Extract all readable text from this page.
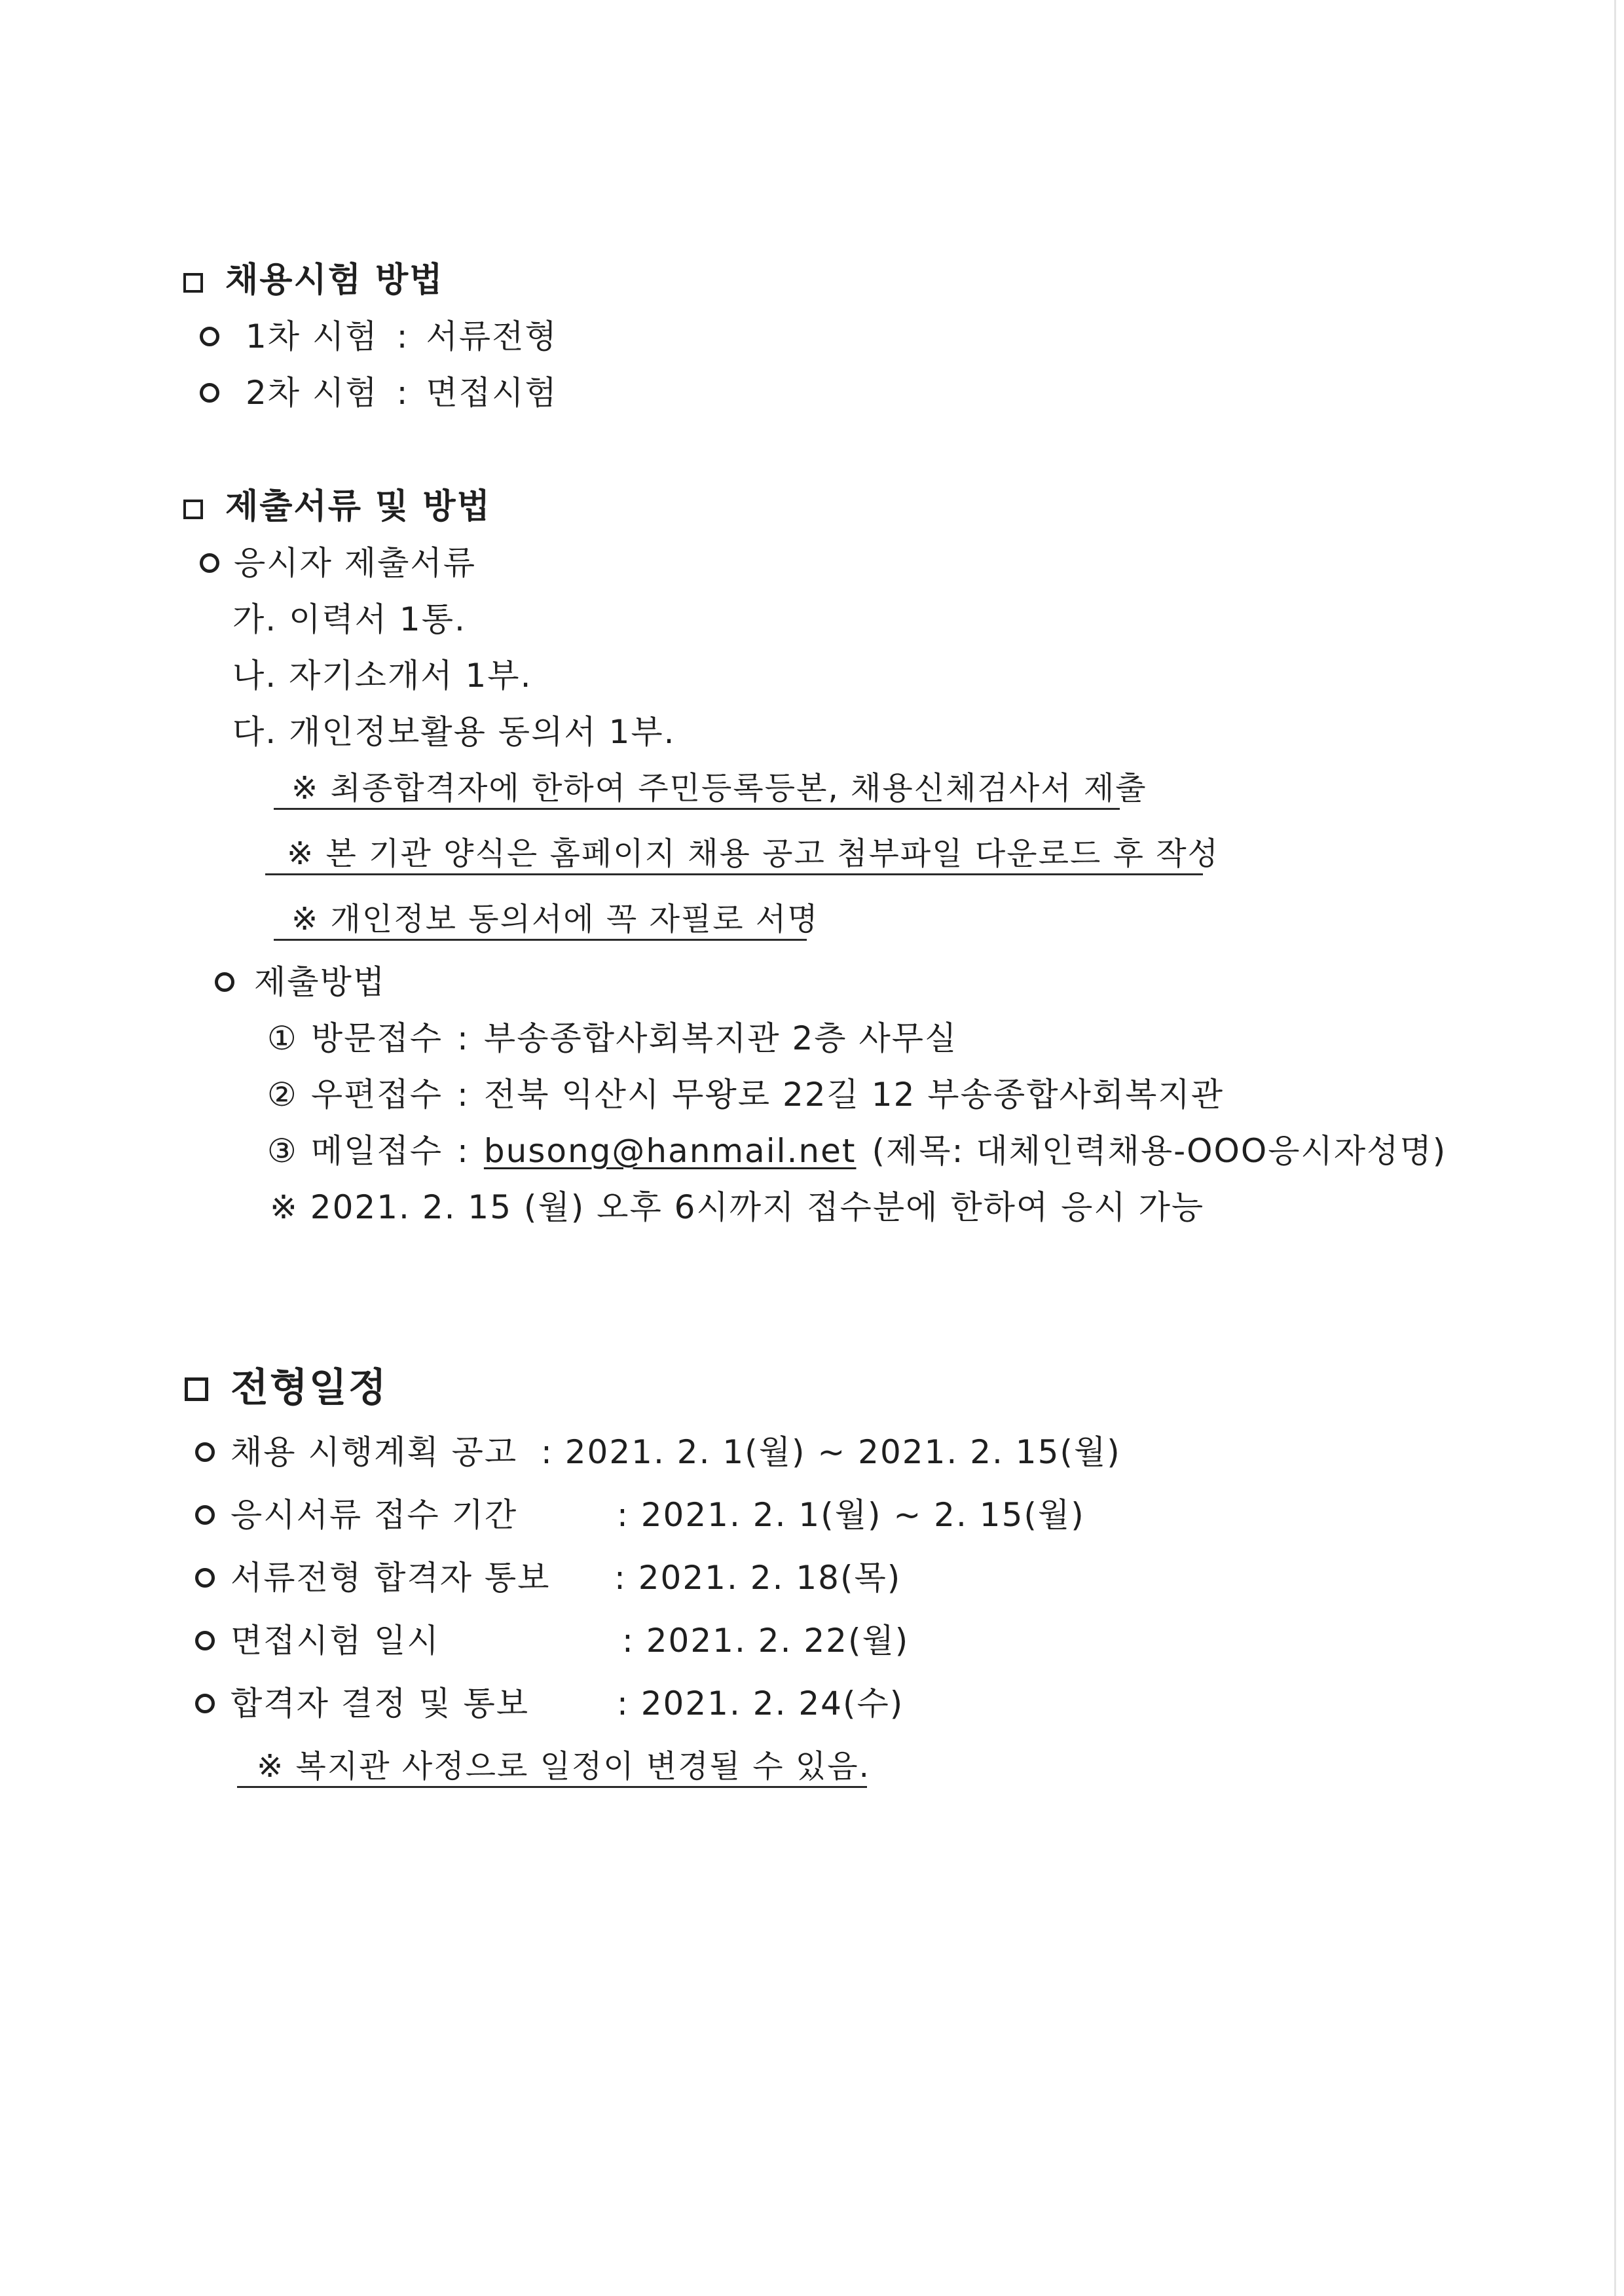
채용시험 방법
1차 시험 : 서류전형
2차 시험 : 면접시험
제출서류 및 방법
응시자 제출서류
가. 이력서 1통.
나. 자기소개서 1부.
다. 개인정보활용 동의서 1부.
※ 최종합격자에 한하여 주민등록등본, 채용신체검사서 제출
※ 본 기관 양식은 홈페이지 채용 공고 첨부파일 다운로드 후 작성
※ 개인정보 동의서에 꼭 자필로 서명
제출방법
① 방문접수 : 부송종합사회복지관 2층 사무실
② 우편접수 : 전북 익산시 무왕로 22길 12 부송종합사회복지관
③ 메일접수 : busong@hanmail.net (제목: 대체인력채용-OOO응시자성명)
※ 2021. 2. 15 (월) 오후 6시까지 접수분에 한하여 응시 가능
전형일정
채용 시행계획 공고 : 2021. 2. 1(월) ~ 2021. 2. 15(월)
응시서류 접수 기간	: 2021. 2. 1(월) ~ 2. 15(월)
서류전형 합격자 통보 : 2021. 2. 18(목)
면접시험 일시	: 2021. 2. 22(월)
합격자 결정 및 통보	: 2021. 2. 24(수)
※ 복지관 사정으로 일정이 변경될 수 있음.
